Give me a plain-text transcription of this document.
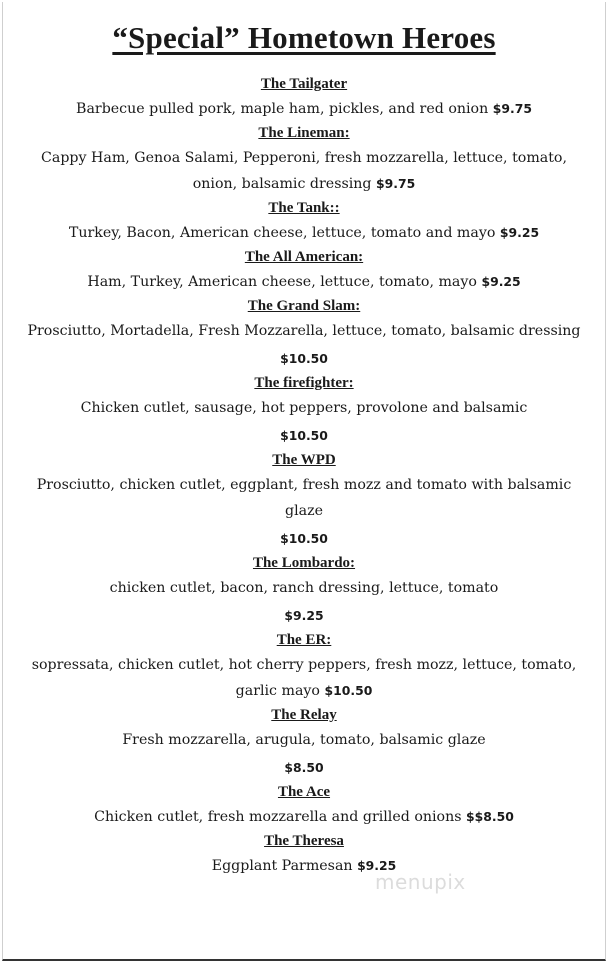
“Special” Hometown Heroes
The Tailgater
Barbecue pulled pork, maple ham, pickles, and red onion $9.75
The Lineman:
Cappy Ham, Genoa Salami, Pepperoni, fresh mozzarella, lettuce, tomato, onion, balsamic dressing $9.75
The Tank::
Turkey, Bacon, American cheese, lettuce, tomato and mayo $9.25
The All American:
Ham, Turkey, American cheese, lettuce, tomato, mayo $9.25
The Grand Slam:
Prosciutto, Mortadella, Fresh Mozzarella, lettuce, tomato, balsamic dressing
$10.50
The firefighter:
Chicken cutlet, sausage, hot peppers, provolone and balsamic
$10.50
The WPD
Prosciutto, chicken cutlet, eggplant, fresh mozz and tomato with balsamic glaze
$10.50
The Lombardo:
chicken cutlet, bacon, ranch dressing, lettuce, tomato
$9.25
The ER:
sopressata, chicken cutlet, hot cherry peppers, fresh mozz, lettuce, tomato, garlic mayo $10.50
The Relay
Fresh mozzarella, arugula, tomato, balsamic glaze
$8.50
The Ace
Chicken cutlet, fresh mozzarella and grilled onions $$8.50
The Theresa
Eggplant Parmesan $9.25
menupix
